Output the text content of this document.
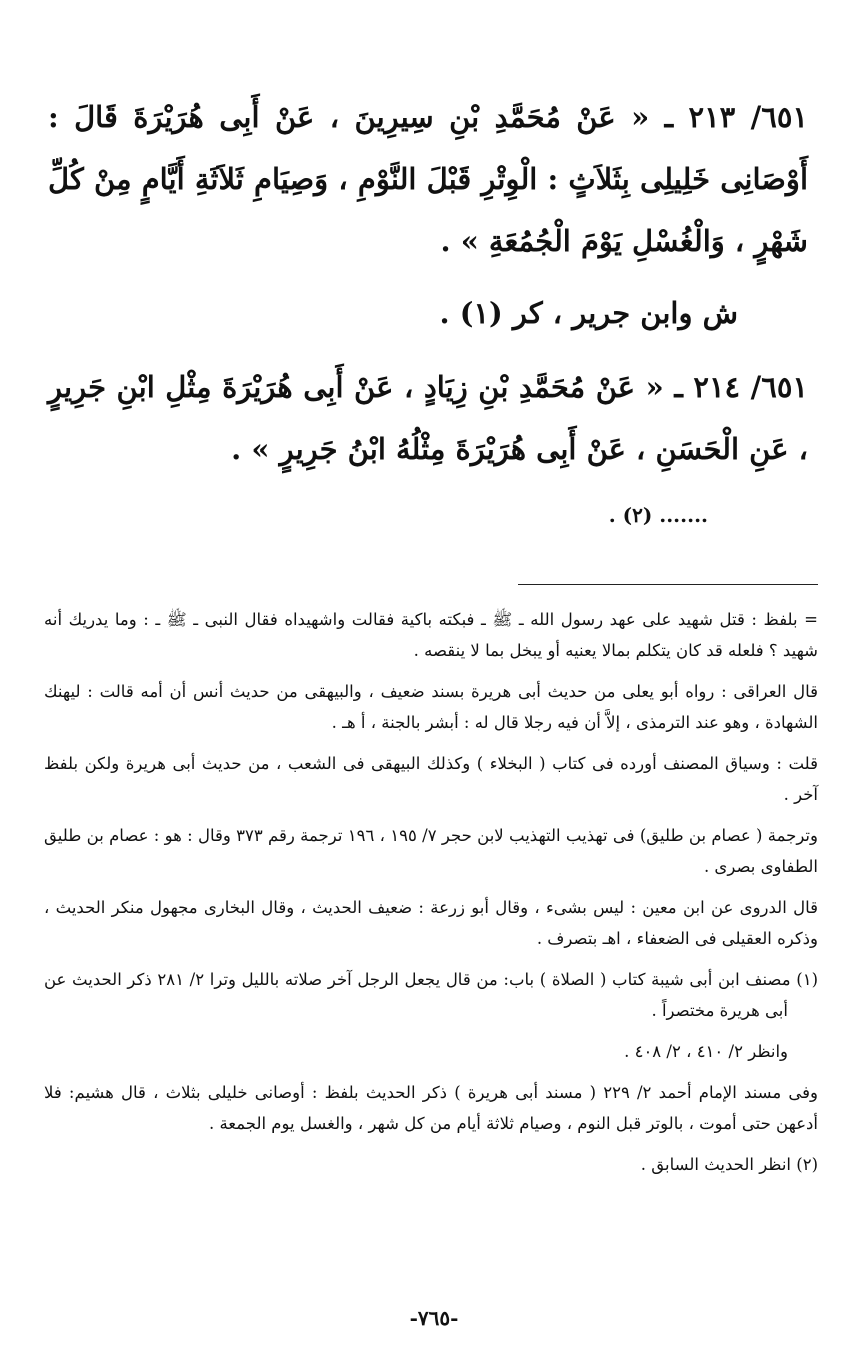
٦٥١/ ٢١٣ ـ « عَنْ مُحَمَّدِ بْنِ سِيرِينَ ، عَنْ أَبِى هُرَيْرَةَ قَالَ : أَوْصَانِى خَلِيلِى بِثَلاَثٍ : الْوِتْرِ قَبْلَ النَّوْمِ ، وَصِيَامِ ثَلاَثَةِ أَيَّامٍ مِنْ كُلِّ شَهْرٍ ، وَالْغُسْلِ يَوْمَ الْجُمُعَةِ » .

ش وابن جرير ، كر (١) .

٦٥١/ ٢١٤ ـ « عَنْ مُحَمَّدِ بْنِ زِيَادٍ ، عَنْ أَبِى هُرَيْرَةَ مِثْلِ ابْنِ جَرِيرٍ ، عَنِ الْحَسَنِ ، عَنْ أَبِى هُرَيْرَةَ مِثْلُهُ ابْنُ جَرِيرٍ » .

....... (٢) .

= بلفظ : قتل شهيد على عهد رسول الله ـ ﷺ ـ فبكته باكية فقالت واشهيداه فقال النبى ـ ﷺ ـ : وما يدريك أنه شهيد ؟ فلعله قد كان يتكلم بمالا يعنيه أو يبخل بما لا ينقصه .

قال العراقى : رواه أبو يعلى من حديث أبى هريرة بسند ضعيف ، والبيهقى من حديث أنس أن أمه قالت : ليهنك الشهادة ، وهو عند الترمذى ، إلاَّ أن فيه رجلا قال له : أبشر بالجنة ، أ هـ .

قلت : وسياق المصنف أورده فى كتاب ( البخلاء ) وكذلك البيهقى فى الشعب ، من حديث أبى هريرة ولكن بلفظ آخر .

وترجمة ( عصام بن طليق) فى تهذيب التهذيب لابن حجر ٧/ ١٩٥ ، ١٩٦ ترجمة رقم ٣٧٣ وقال : هو : عصام بن طليق الطفاوى بصرى .

قال الدروى عن ابن معين : ليس بشىء ، وقال أبو زرعة : ضعيف الحديث ، وقال البخارى مجهول منكر الحديث ، وذكره العقيلى فى الضعفاء ، اهـ بتصرف .

(١) مصنف ابن أبى شيبة كتاب ( الصلاة ) باب: من قال يجعل الرجل آخر صلاته بالليل وترا ٢/ ٢٨١ ذكر الحديث عن أبى هريرة مختصراً .

وانظر ٢/ ٤١٠ ، ٢/ ٤٠٨ .

وفى مسند الإمام أحمد ٢/ ٢٢٩ ( مسند أبى هريرة ) ذكر الحديث بلفظ : أوصانى خليلى بثلاث ، قال هشيم: فلا أدعهن حتى أموت ، بالوتر قبل النوم ، وصيام ثلاثة أيام من كل شهر ، والغسل يوم الجمعة .

(٢) انظر الحديث السابق .

-٧٦٥-
